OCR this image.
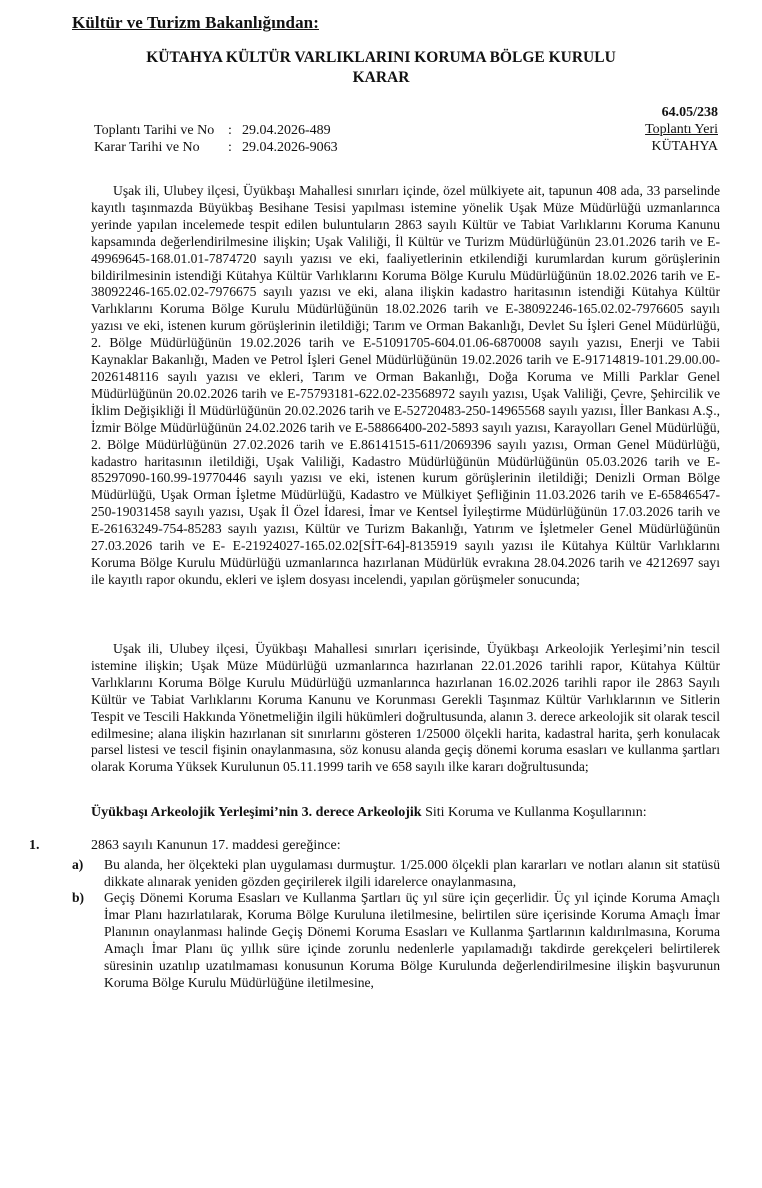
Kültür ve Turizm Bakanlığından:
KÜTAHYA KÜLTÜR VARLIKLARINI KORUMA BÖLGE KURULU
KARAR
Toplantı Tarihi ve No : 29.04.2026-489
Karar Tarihi ve No	: 29.04.2026-9063
64.05/238
Toplantı Yeri
KÜTAHYA

Uşak ili, Ulubey ilçesi, Üyükbaşı Mahallesi sınırları içinde, özel mülkiyete ait, tapunun 408 ada, 33 parselinde kayıtlı taşınmazda Büyükbaş Besihane Tesisi yapılması istemine yönelik Uşak Müze Müdürlüğü uzmanlarınca yerinde yapılan incelemede tespit edilen buluntuların 2863 sayılı Kültür ve Tabiat Varlıklarını Koruma Kanunu kapsamında değerlendirilmesine ilişkin; Uşak Valiliği, İl Kültür ve Turizm Müdürlüğünün 23.01.2026 tarih ve E-49969645-168.01.01-7874720 sayılı yazısı ve eki, faaliyetlerinin etkilendiği kurumlardan kurum görüşlerinin bildirilmesinin istendiği Kütahya Kültür Varlıklarını Koruma Bölge Kurulu Müdürlüğünün 18.02.2026 tarih ve E-38092246-165.02.02-7976675 sayılı yazısı ve eki, alana ilişkin kadastro haritasının istendiği Kütahya Kültür Varlıklarını Koruma Bölge Kurulu Müdürlüğünün 18.02.2026 tarih ve E-38092246-165.02.02-7976605 sayılı yazısı ve eki, istenen kurum görüşlerinin iletildiği; Tarım ve Orman Bakanlığı, Devlet Su İşleri Genel Müdürlüğü, 2. Bölge Müdürlüğünün 19.02.2026 tarih ve E-51091705-604.01.06-6870008 sayılı yazısı, Enerji ve Tabii Kaynaklar Bakanlığı, Maden ve Petrol İşleri Genel Müdürlüğünün 19.02.2026 tarih ve E-91714819-101.29.00.00-2026148116 sayılı yazısı ve ekleri, Tarım ve Orman Bakanlığı, Doğa Koruma ve Milli Parklar Genel Müdürlüğünün 20.02.2026 tarih ve E-75793181-622.02-23568972 sayılı yazısı, Uşak Valiliği, Çevre, Şehircilik ve İklim Değişikliği İl Müdürlüğünün 20.02.2026 tarih ve E-52720483-250-14965568 sayılı yazısı, İller Bankası A.Ş., İzmir Bölge Müdürlüğünün 24.02.2026 tarih ve E-58866400-202-5893 sayılı yazısı, Karayolları Genel Müdürlüğü, 2. Bölge Müdürlüğünün 27.02.2026 tarih ve E.86141515-611/2069396 sayılı yazısı, Orman Genel Müdürlüğü, kadastro haritasının iletildiği, Uşak Valiliği, Kadastro Müdürlüğünün Müdürlüğünün 05.03.2026 tarih ve E-85297090-160.99-19770446 sayılı yazısı ve eki, istenen kurum görüşlerinin iletildiği; Denizli Orman Bölge Müdürlüğü, Uşak Orman İşletme Müdürlüğü, Kadastro ve Mülkiyet Şefliğinin 11.03.2026 tarih ve E-65846547-250-19031458 sayılı yazısı, Uşak İl Özel İdaresi, İmar ve Kentsel İyileştirme Müdürlüğünün 17.03.2026 tarih ve E-26163249-754-85283 sayılı yazısı, Kültür ve Turizm Bakanlığı, Yatırım ve İşletmeler Genel Müdürlüğünün 27.03.2026 tarih ve E- E-21924027-165.02.02[SİT-64]-8135919 sayılı yazısı ile Kütahya Kültür Varlıklarını Koruma Bölge Kurulu Müdürlüğü uzmanlarınca hazırlanan Müdürlük evrakına 28.04.2026 tarih ve 4212697 sayı ile kayıtlı rapor okundu, ekleri ve işlem dosyası incelendi, yapılan görüşmeler sonucunda;

Uşak ili, Ulubey ilçesi, Üyükbaşı Mahallesi sınırları içerisinde, Üyükbaşı Arkeolojik Yerleşimi’nin tescil istemine ilişkin; Uşak Müze Müdürlüğü uzmanlarınca hazırlanan 22.01.2026 tarihli rapor, Kütahya Kültür Varlıklarını Koruma Bölge Kurulu Müdürlüğü uzmanlarınca hazırlanan 16.02.2026 tarihli rapor ile 2863 Sayılı Kültür ve Tabiat Varlıklarını Koruma Kanunu ve Korunması Gerekli Taşınmaz Kültür Varlıklarının ve Sitlerin Tespit ve Tescili Hakkında Yönetmeliğin ilgili hükümleri doğrultusunda, alanın 3. derece arkeolojik sit olarak tescil edilmesine; alana ilişkin hazırlanan sit sınırlarını gösteren 1/25000 ölçekli harita, kadastral harita, şerh konulacak parsel listesi ve tescil fişinin onaylanmasına, söz konusu alanda geçiş dönemi koruma esasları ve kullanma şartları olarak Koruma Yüksek Kurulunun 05.11.1999 tarih ve 658 sayılı ilke kararı doğrultusunda;

Üyükbaşı Arkeolojik Yerleşimi’nin 3. derece Arkeolojik Siti Koruma ve Kullanma Koşullarının:
1.	2863 sayılı Kanunun 17. maddesi gereğince:
a)	Bu alanda, her ölçekteki plan uygulaması durmuştur. 1/25.000 ölçekli plan kararları ve notları alanın sit statüsü dikkate alınarak yeniden gözden geçirilerek ilgili idarelerce onaylanmasına,
b)	Geçiş Dönemi Koruma Esasları ve Kullanma Şartları üç yıl süre için geçerlidir. Üç yıl içinde Koruma Amaçlı İmar Planı hazırlatılarak, Koruma Bölge Kuruluna iletilmesine, belirtilen süre içerisinde Koruma Amaçlı İmar Planının onaylanması halinde Geçiş Dönemi Koruma Esasları ve Kullanma Şartlarının kaldırılmasına, Koruma Amaçlı İmar Planı üç yıllık süre içinde zorunlu nedenlerle yapılamadığı takdirde gerekçeleri belirtilerek süresinin uzatılıp uzatılmaması konusunun Koruma Bölge Kurulunda değerlendirilmesine ilişkin başvurunun Koruma Bölge Kurulu Müdürlüğüne iletilmesine,
